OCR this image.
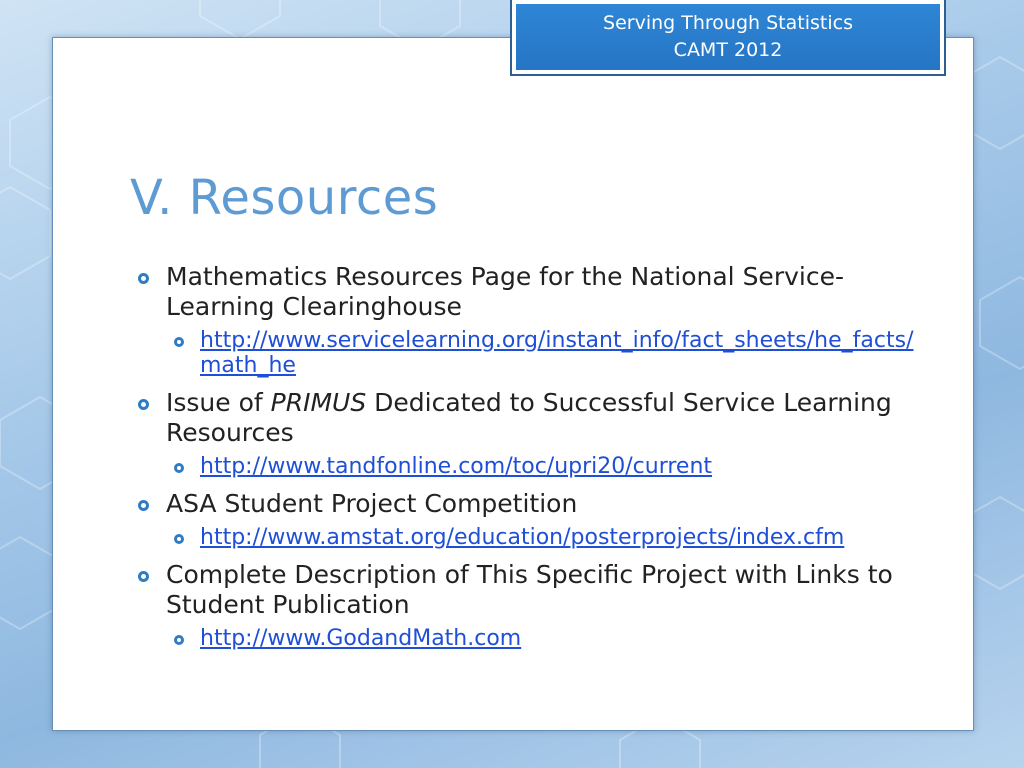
Serving Through Statistics
CAMT 2012
V. Resources
Mathematics Resources Page for the National Service-Learning Clearinghouse
http://www.servicelearning.org/instant_info/fact_sheets/he_facts/math_he
Issue of PRIMUS Dedicated to Successful Service Learning Resources
http://www.tandfonline.com/toc/upri20/current
ASA Student Project Competition
http://www.amstat.org/education/posterprojects/index.cfm
Complete Description of This Specific Project with Links to Student Publication
http://www.GodandMath.com
